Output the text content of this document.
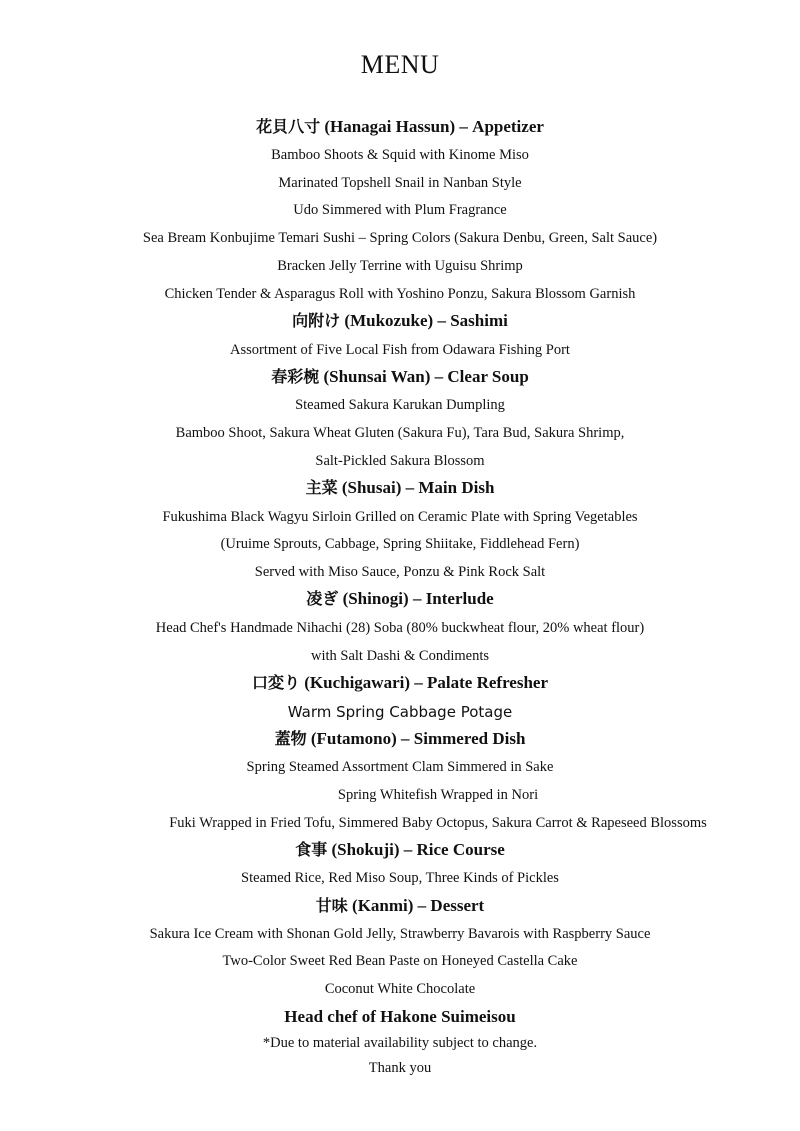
MENU
花貝八寸 (Hanagai Hassun) – Appetizer
Bamboo Shoots & Squid with Kinome Miso
Marinated Topshell Snail in Nanban Style
Udo Simmered with Plum Fragrance
Sea Bream Konbujime Temari Sushi – Spring Colors (Sakura Denbu, Green, Salt Sauce)
Bracken Jelly Terrine with Uguisu Shrimp
Chicken Tender & Asparagus Roll with Yoshino Ponzu, Sakura Blossom Garnish
向附け (Mukozuke) – Sashimi
Assortment of Five Local Fish from Odawara Fishing Port
春彩椀 (Shunsai Wan) – Clear Soup
Steamed Sakura Karukan Dumpling
Bamboo Shoot, Sakura Wheat Gluten (Sakura Fu), Tara Bud, Sakura Shrimp,
Salt-Pickled Sakura Blossom
主菜 (Shusai) – Main Dish
Fukushima Black Wagyu Sirloin Grilled on Ceramic Plate with Spring Vegetables
(Uruime Sprouts, Cabbage, Spring Shiitake, Fiddlehead Fern)
Served with Miso Sauce, Ponzu & Pink Rock Salt
凌ぎ (Shinogi) – Interlude
Head Chef's Handmade Nihachi (28) Soba (80% buckwheat flour, 20% wheat flour)
with Salt Dashi & Condiments
口変り (Kuchigawari) – Palate Refresher
Warm Spring Cabbage Potage
蓋物 (Futamono) – Simmered Dish
Spring Steamed Assortment Clam Simmered in Sake
Spring Whitefish Wrapped in Nori
Fuki Wrapped in Fried Tofu, Simmered Baby Octopus, Sakura Carrot & Rapeseed Blossoms
食事 (Shokuji) – Rice Course
Steamed Rice, Red Miso Soup, Three Kinds of Pickles
甘味 (Kanmi) – Dessert
Sakura Ice Cream with Shonan Gold Jelly, Strawberry Bavarois with Raspberry Sauce
Two-Color Sweet Red Bean Paste on Honeyed Castella Cake
Coconut White Chocolate
Head chef of Hakone Suimeisou
*Due to material availability subject to change.
Thank you
